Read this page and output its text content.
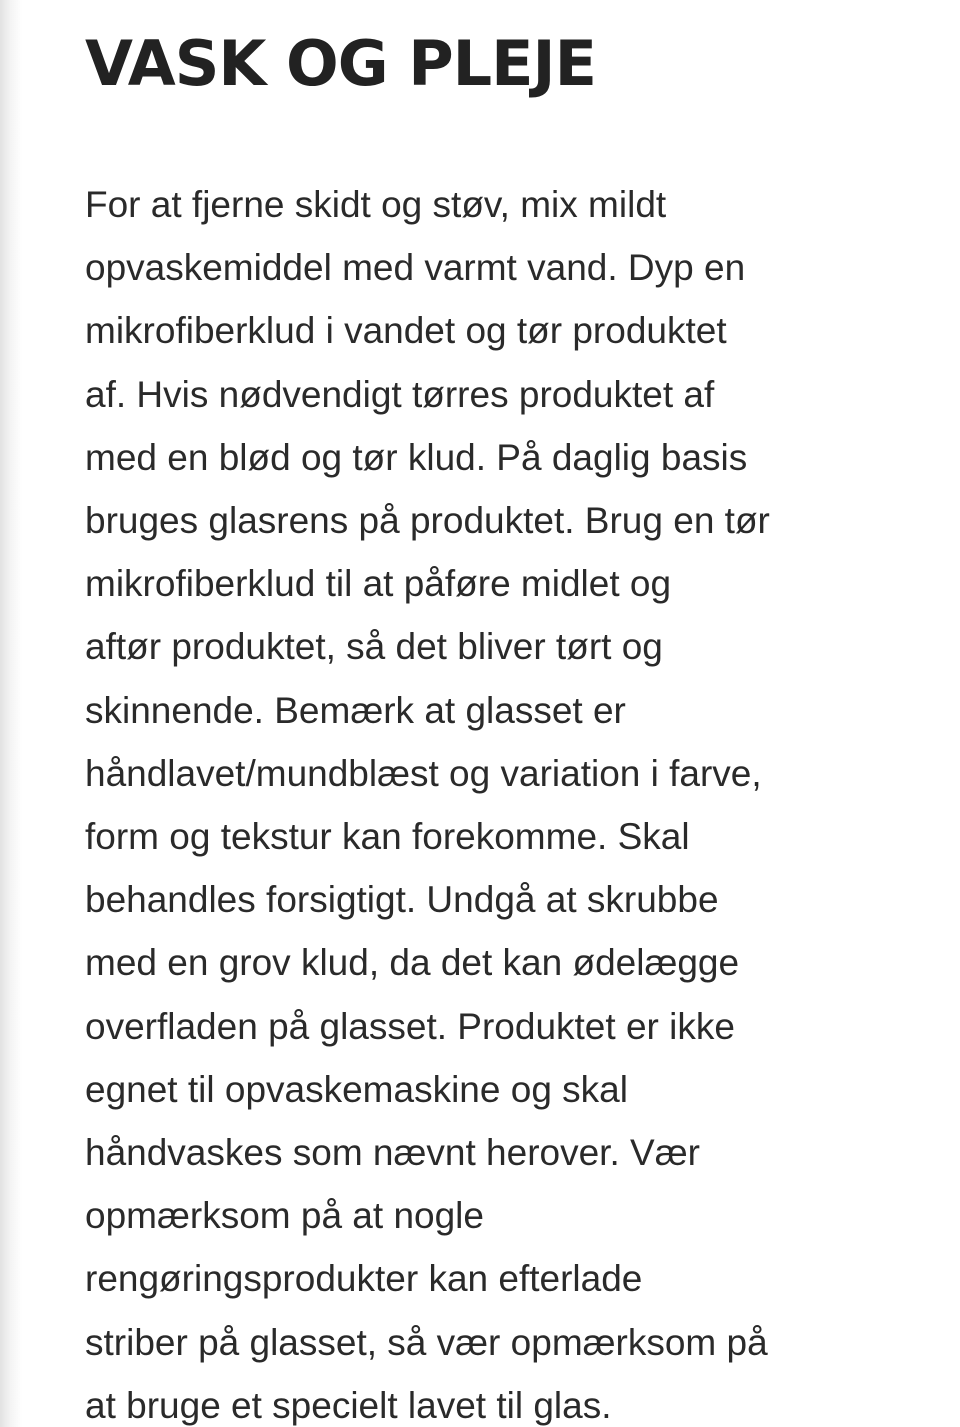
VASK OG PLEJE
For at fjerne skidt og støv, mix mildt
opvaskemiddel med varmt vand. Dyp en
mikrofiberklud i vandet og tør produktet
af. Hvis nødvendigt tørres produktet af
med en blød og tør klud. På daglig basis
bruges glasrens på produktet. Brug en tør
mikrofiberklud til at påføre midlet og
aftør produktet, så det bliver tørt og
skinnende. Bemærk at glasset er
håndlavet/mundblæst og variation i farve,
form og tekstur kan forekomme. Skal
behandles forsigtigt. Undgå at skrubbe
med en grov klud, da det kan ødelægge
overfladen på glasset. Produktet er ikke
egnet til opvaskemaskine og skal
håndvaskes som nævnt herover. Vær
opmærksom på at nogle
rengøringsprodukter kan efterlade
striber på glasset, så vær opmærksom på
at bruge et specielt lavet til glas.
